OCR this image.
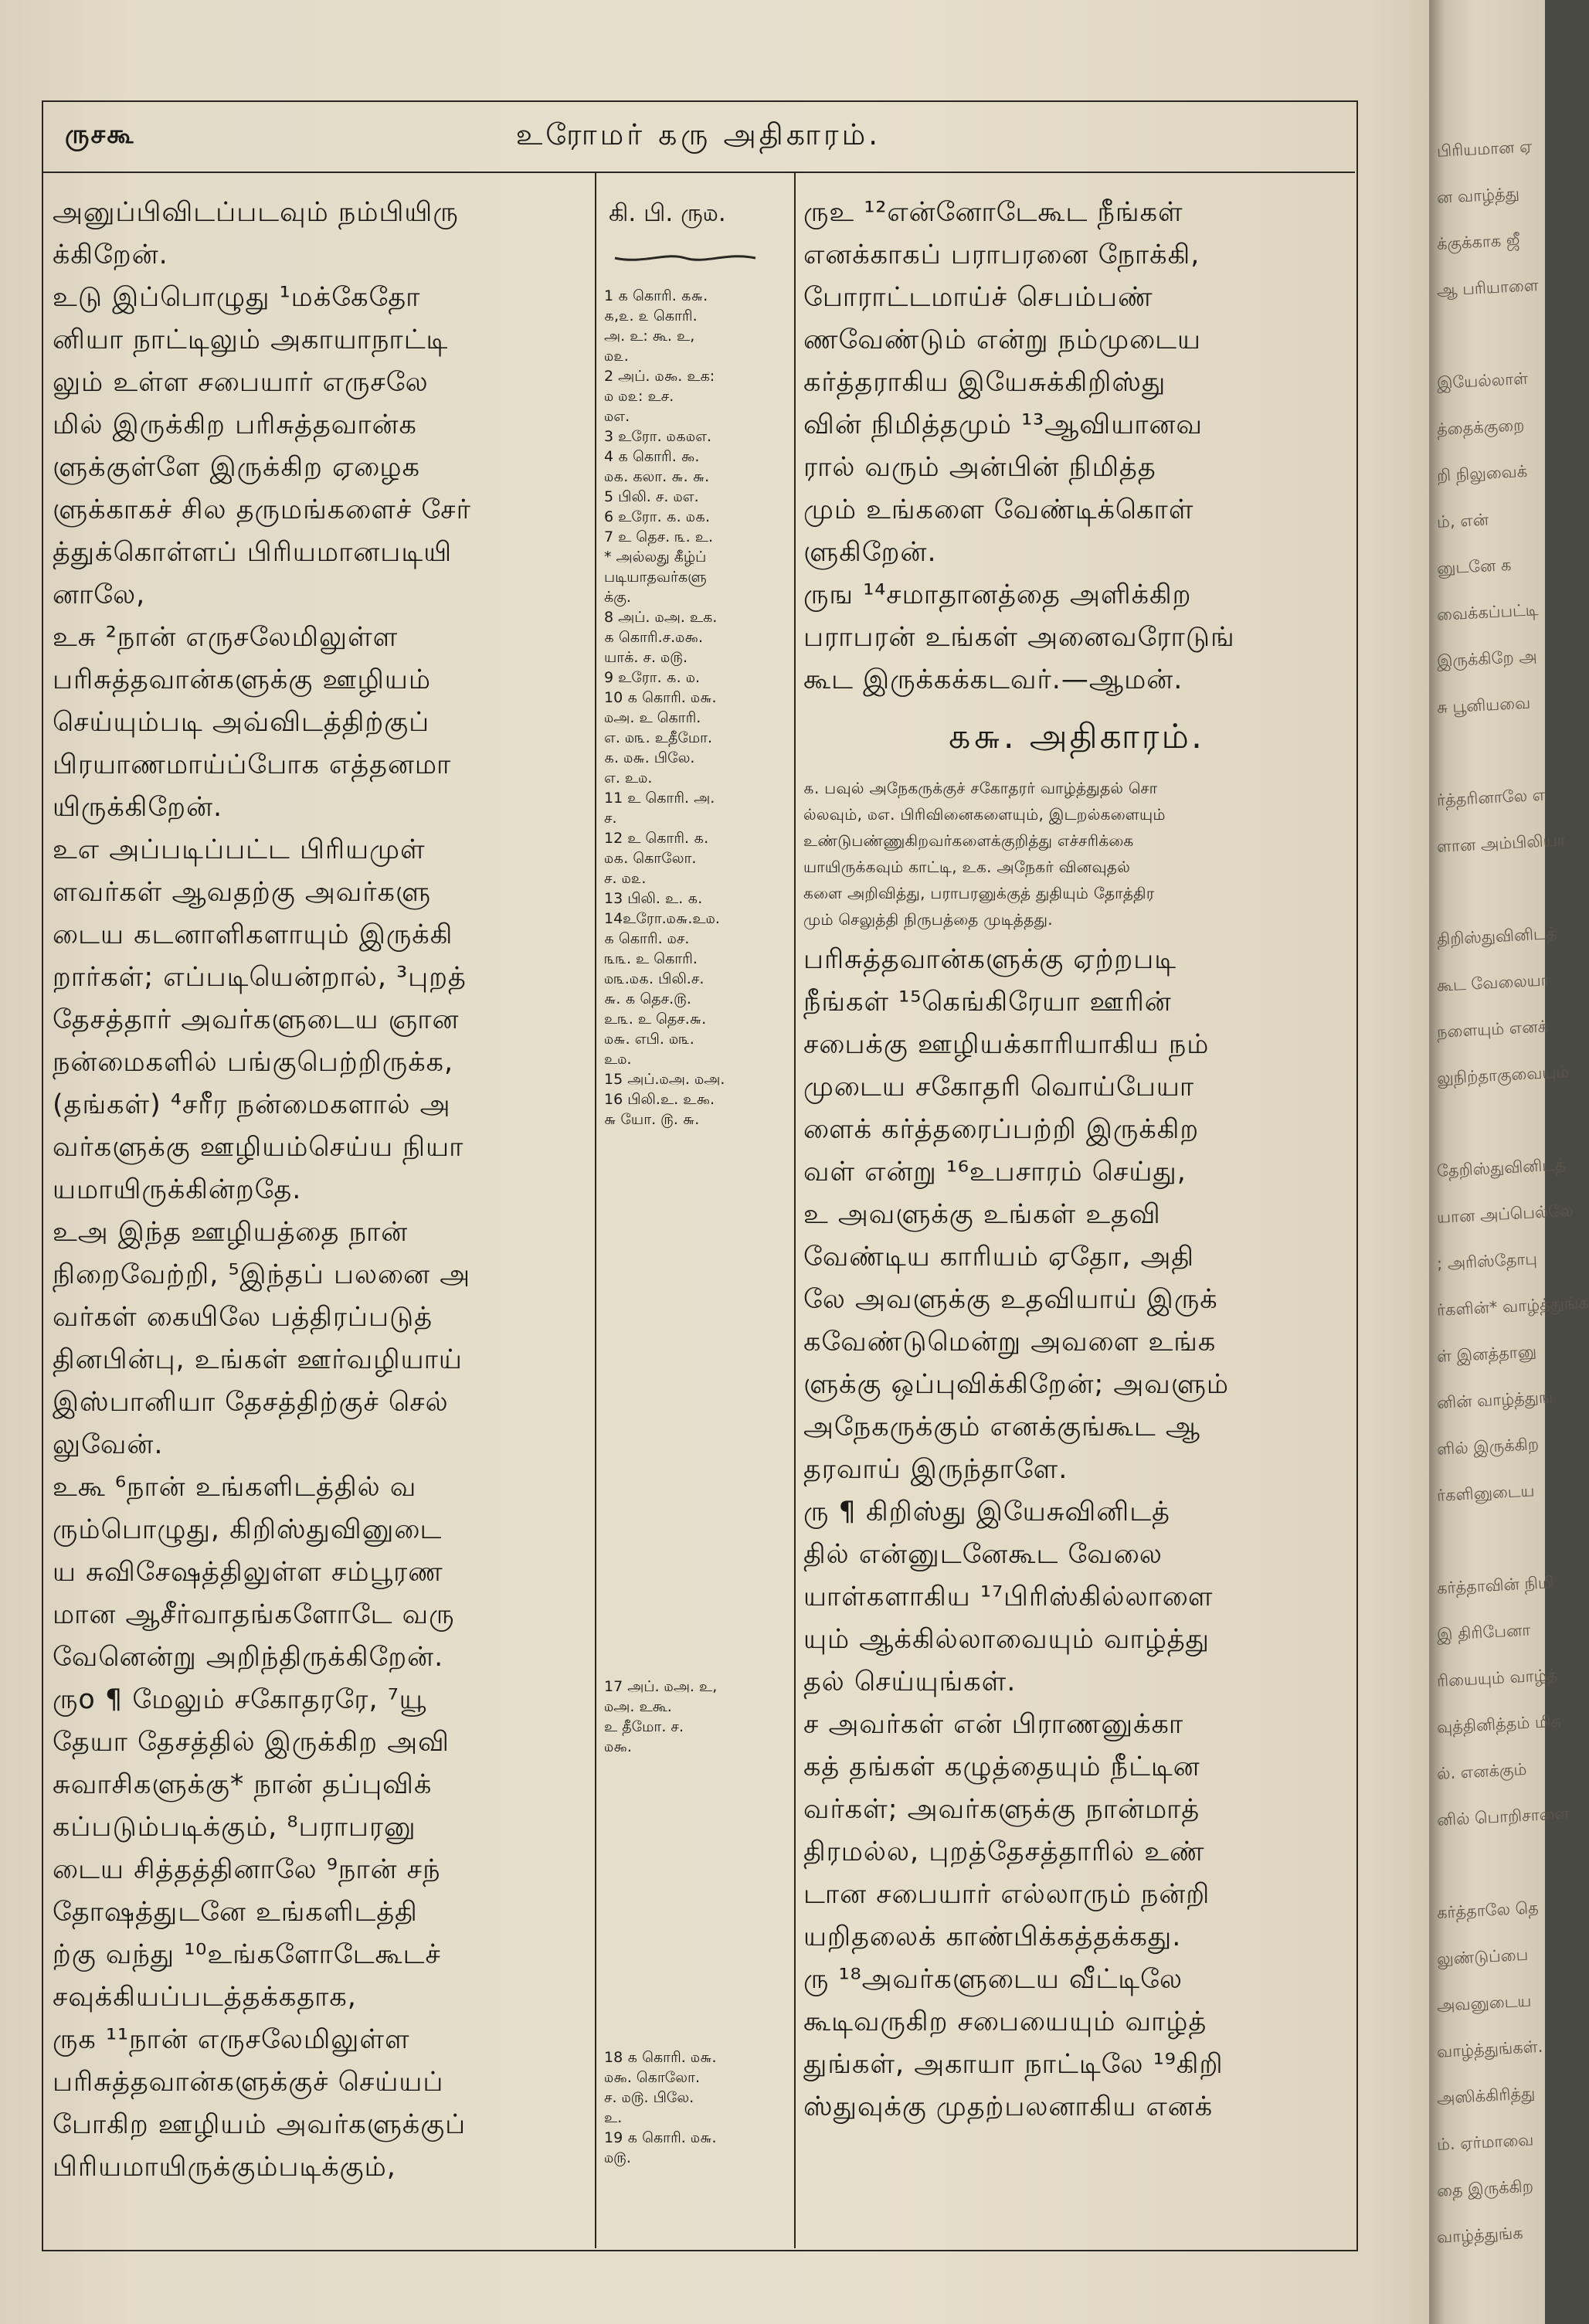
பிரியமான ஏ
ன வாழ்த்து
க்குக்காக ஜீ
ஆ பரியாளை
இயேல்லாள்
த்தைக்குறை
றி நிலுவைக்
ம், என்
னுடனே க
வைக்கப்பட்டி
இருக்கிறே அ
சு பூனியவை
ர்த்தரினாலே எ
ளான அம்பிலியா
திறிஸ்துவினிடத்
கூட வேலையா
நளையும் எனக்
லுநிற்தாகுவையும்
தேறிஸ்துவினிடத்
யான அப்பெல்லே
; அரிஸ்தோபு
ர்களின்* வாழ்த்துங்க
ள் இனத்தானு
னின் வாழ்த்துங்
ளில் இருக்கிற
ர்களினுடைய
கர்த்தாவின் நிமி
இ திரிபேனா
ரியையும் வாழ்த்
வுத்தினித்தம் மிக
ல். எனக்கும்
னில் பொறிசாளை
கர்த்தாலே தெ
லுண்டுப்பை
அவனுடைய
வாழ்த்துங்கள்.
அஸிக்கிரித்து
ம். ஏர்மாவை
தை இருக்கிற
வாழ்த்துங்க
ருசகூ	உரோமர் ௧ரு அதிகாரம்.
அனுப்பிவிடப்படவும் நம்பியிரு
க்கிறேன்.
உடு இப்பொழுது ¹மக்கேதோ
னியா நாட்டிலும் அகாயாநாட்டி
லும் உள்ள சபையார் எருசலே
மில் இருக்கிற பரிசுத்தவான்க
ளுக்குள்ளே இருக்கிற ஏழைக
ளுக்காகச் சில தருமங்களைச் சேர்
த்துக்கொள்ளப் பிரியமானபடியி
னாலே,
உசு ²நான் எருசலேமிலுள்ள
பரிசுத்தவான்களுக்கு ஊழியம்
செய்யும்படி அவ்விடத்திற்குப்
பிரயாணமாய்ப்போக எத்தனமா
யிருக்கிறேன்.
உஎ அப்படிப்பட்ட பிரியமுள்
ளவர்கள் ஆவதற்கு அவர்களு
டைய கடனாளிகளாயும் இருக்கி
றார்கள்; எப்படியென்றால், ³புறத்
தேசத்தார் அவர்களுடைய ஞான
நன்மைகளில் பங்குபெற்றிருக்க,
(தங்கள்) ⁴சரீர நன்மைகளால் அ
வர்களுக்கு ஊழியம்செய்ய நியா
யமாயிருக்கின்றதே.
உஅ இந்த ஊழியத்தை நான்
நிறைவேற்றி, ⁵இந்தப் பலனை அ
வர்கள் கையிலே பத்திரப்படுத்
தினபின்பு, உங்கள் ஊர்வழியாய்
இஸ்பானியா தேசத்திற்குச் செல்
லுவேன்.
உகூ ⁶நான் உங்களிடத்தில் வ
ரும்பொழுது, கிறிஸ்துவினுடை
ய சுவிசேஷத்திலுள்ள சம்பூரண
மான ஆசீர்வாதங்களோடே வரு
வேனென்று அறிந்திருக்கிறேன்.
ருo ¶ மேலும் சகோதரரே, ⁷யூ
தேயா தேசத்தில் இருக்கிற அவி
சுவாசிகளுக்கு* நான் தப்புவிக்
கப்படும்படிக்கும், ⁸பராபரனு
டைய சித்தத்தினாலே ⁹நான் சந்
தோஷத்துடனே உங்களிடத்தி
ற்கு வந்து ¹⁰உங்களோடேகூடச்
சவுக்கியப்படத்தக்கதாக,
ருக ¹¹நான் எருசலேமிலுள்ள
பரிசுத்தவான்களுக்குச் செய்யப்
போகிற ஊழியம் அவர்களுக்குப்
பிரியமாயிருக்கும்படிக்கும்,
கி. பி. ரு௰.
1 ௧ கொரி. ௧௬.
௧,௨. ௨ கொரி.
அ. உ: கூ. உ,
௰௨.
2 அப். ௰௯. உக:
௰ ௰௨: உச.
௰எ.
3 உரோ. ௰௧௰எ.
4 ௧ கொரி. ௯.
௰௧. கலா. ௬. ௬.
5 பிலி. ச. ௰எ.
6 உரோ. ௧. ௰௧.
7 உ தெச. ௩. உ.
* அல்லது கீழ்ப்
படியாதவர்களு
க்கு.
8 அப். ௰அ. உக.
௧ கொரி.ச.௰௯.
யாக். ச. ௰௫.
9 உரோ. ௧. ௰.
10 ௧ கொரி. ௰௬.
௰அ. உ கொரி.
எ. ௰௩. உதீமோ.
௧. ௰௬. பிலே.
எ. உ௰.
11 உ கொரி. அ.
ச.
12 உ கொரி. ௧.
௰௧. கொலோ.
ச. ௰௨.
13 பிலி. உ. ௧.
14உரோ.௰௬.உ௰.
௧ கொரி. ௰ச.
௩௩. உ கொரி.
௰௩.௰௧. பிலி.ச.
௬. ௧ தெச.௫.
உ௩. உ தெச.௬.
௰௬. எபி. ௰௩.
உ௰.
15 அப்.௰அ. ௰அ.
16 பிலி.உ. உ௯.
௬ யோ. ௫. ௬.
17 அப். ௰அ. உ,
௰அ. உகூ.
உ தீமோ. ச.
௰௯.
18 ௧ கொரி. ௰௬.
௰௯. கொலோ.
ச. ௰௫. பிலே.
உ.
19 ௧ கொரி. ௰௬.
௰௫.
ருஉ ¹²என்னோடேகூட நீங்கள்
எனக்காகப் பராபரனை நோக்கி,
போராட்டமாய்ச் செபம்பண்
ணவேண்டும் என்று நம்முடைய
கர்த்தராகிய இயேசுக்கிறிஸ்து
வின் நிமித்தமும் ¹³ஆவியானவ
ரால் வரும் அன்பின் நிமித்த
மும் உங்களை வேண்டிக்கொள்
ளுகிறேன்.
ருங ¹⁴சமாதானத்தை அளிக்கிற
பராபரன் உங்கள் அனைவரோடுங்
கூட இருக்கக்கடவர்.—ஆமன்.
௧௬. அதிகாரம்.
௧. பவுல் அநேகருக்குச் சகோதரர் வாழ்த்துதல் சொ
ல்லவும், ௰எ. பிரிவினைகளையும், இடறல்களையும்
உண்டுபண்ணுகிறவர்களைக்குறித்து எச்சரிக்கை
யாயிருக்கவும் காட்டி, உக. அநேகர் வினவுதல்
களை அறிவித்து, பராபரனுக்குத் துதியும் தோத்திர
மும் செலுத்தி நிருபத்தை முடித்தது.
பரிசுத்தவான்களுக்கு ஏற்றபடி
நீங்கள் ¹⁵கெங்கிரேயா ஊரின்
சபைக்கு ஊழியக்காரியாகிய நம்
முடைய சகோதரி வொய்பேயா
ளைக் கர்த்தரைப்பற்றி இருக்கிற
வள் என்று ¹⁶உபசாரம் செய்து,
உ அவளுக்கு உங்கள் உதவி
வேண்டிய காரியம் ஏதோ, அதி
லே அவளுக்கு உதவியாய் இருக்
கவேண்டுமென்று அவளை உங்க
ளுக்கு ஒப்புவிக்கிறேன்; அவளும்
அநேகருக்கும் எனக்குங்கூட ஆ
தரவாய் இருந்தாளே.
ரு ¶ கிறிஸ்து இயேசுவினிடத்
தில் என்னுடனேகூட வேலை
யாள்களாகிய ¹⁷பிரிஸ்கில்லாளை
யும் ஆக்கில்லாவையும் வாழ்த்து
தல் செய்யுங்கள்.
ச அவர்கள் என் பிராணனுக்கா
கத் தங்கள் கழுத்தையும் நீட்டின
வர்கள்; அவர்களுக்கு நான்மாத்
திரமல்ல, புறத்தேசத்தாரில் உண்
டான சபையார் எல்லாரும் நன்றி
யறிதலைக் காண்பிக்கத்தக்கது.
ரு ¹⁸அவர்களுடைய வீட்டிலே
கூடிவருகிற சபையையும் வாழ்த்
துங்கள், அகாயா நாட்டிலே ¹⁹கிறி
ஸ்துவுக்கு முதற்பலனாகிய எனக்
